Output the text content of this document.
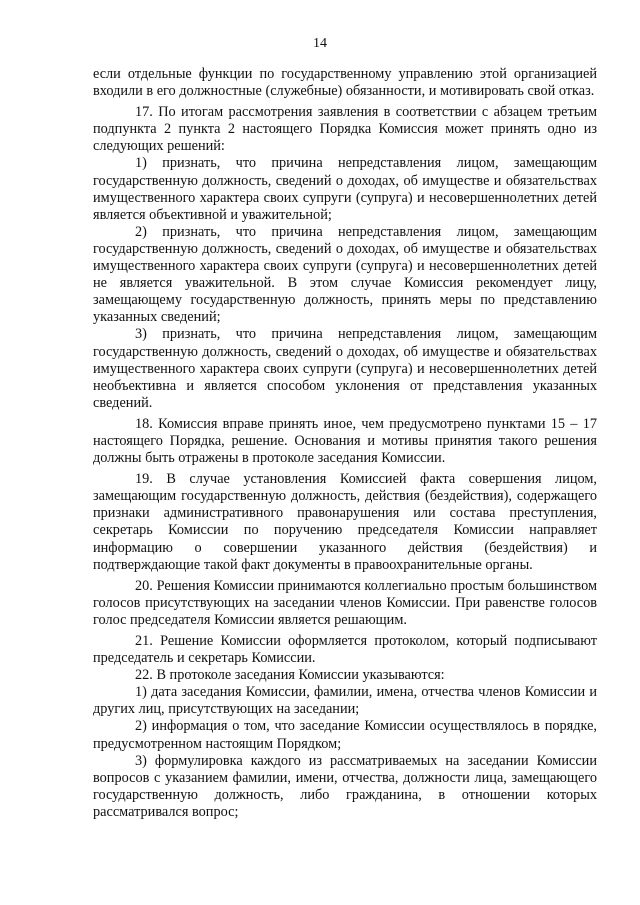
14

если отдельные функции по государственному управлению этой организацией входили в его должностные (служебные) обязанности, и мотивировать свой отказ.

17. По итогам рассмотрения заявления в соответствии с абзацем третьим подпункта 2 пункта 2 настоящего Порядка Комиссия может принять одно из следующих решений:

1) признать, что причина непредставления лицом, замещающим государственную должность, сведений о доходах, об имуществе и обязательствах имущественного характера своих супруги (супруга) и несовершеннолетних детей является объективной и уважительной;

2) признать, что причина непредставления лицом, замещающим государственную должность, сведений о доходах, об имуществе и обязательствах имущественного характера своих супруги (супруга) и несовершеннолетних детей не является уважительной. В этом случае Комиссия рекомендует лицу, замещающему государственную должность, принять меры по представлению указанных сведений;

3) признать, что причина непредставления лицом, замещающим государственную должность, сведений о доходах, об имуществе и обязательствах имущественного характера своих супруги (супруга) и несовершеннолетних детей необъективна и является способом уклонения от представления указанных сведений.

18. Комиссия вправе принять иное, чем предусмотрено пунктами 15 – 17 настоящего Порядка, решение. Основания и мотивы принятия такого решения должны быть отражены в протоколе заседания Комиссии.

19. В случае установления Комиссией факта совершения лицом, замещающим государственную должность, действия (бездействия), содержащего признаки административного правонарушения или состава преступления, секретарь Комиссии по поручению председателя Комиссии направляет информацию о совершении указанного действия (бездействия) и подтверждающие такой факт документы в правоохранительные органы.

20. Решения Комиссии принимаются коллегиально простым большинством голосов присутствующих на заседании членов Комиссии. При равенстве голосов голос председателя Комиссии является решающим.

21. Решение Комиссии оформляется протоколом, который подписывают председатель и секретарь Комиссии.

22. В протоколе заседания Комиссии указываются:

1) дата заседания Комиссии, фамилии, имена, отчества членов Комиссии и других лиц, присутствующих на заседании;

2) информация о том, что заседание Комиссии осуществлялось в порядке, предусмотренном настоящим Порядком;

3) формулировка каждого из рассматриваемых на заседании Комиссии вопросов с указанием фамилии, имени, отчества, должности лица, замещающего государственную должность, либо гражданина, в отношении которых рассматривался вопрос;
